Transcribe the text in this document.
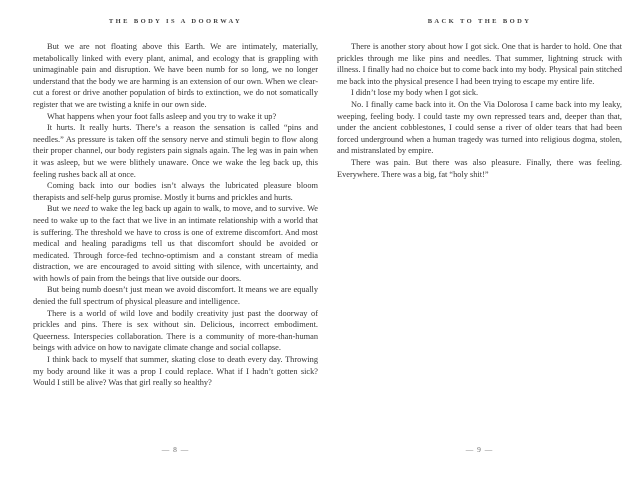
THE BODY IS A DOORWAY

But we are not floating above this Earth. We are intimately, materially, metabolically linked with every plant, animal, and ecology that is grappling with unimaginable pain and disruption. We have been numb for so long, we no longer understand that the body we are harming is an extension of our own. When we clear-cut a forest or drive another population of birds to extinction, we do not somatically register that we are twisting a knife in our own side.

What happens when your foot falls asleep and you try to wake it up?

It hurts. It really hurts. There’s a reason the sensation is called “pins and needles.” As pressure is taken off the sensory nerve and stimuli begin to flow along their proper channel, our body registers pain signals again. The leg was in pain when it was asleep, but we were blithely unaware. Once we wake the leg back up, this feeling rushes back all at once.

Coming back into our bodies isn’t always the lubricated pleasure bloom therapists and self-help gurus promise. Mostly it burns and prickles and hurts.

But we need to wake the leg back up again to walk, to move, and to survive. We need to wake up to the fact that we live in an intimate relationship with a world that is suffering. The threshold we have to cross is one of extreme discomfort. And most medical and healing paradigms tell us that discomfort should be avoided or medicated. Through force-fed techno-optimism and a constant stream of media distraction, we are encouraged to avoid sitting with silence, with uncertainty, and with howls of pain from the beings that live outside our doors.

But being numb doesn’t just mean we avoid discomfort. It means we are equally denied the full spectrum of physical pleasure and intelligence.

There is a world of wild love and bodily creativity just past the doorway of prickles and pins. There is sex without sin. Delicious, incorrect embodiment. Queerness. Interspecies collaboration. There is a community of more-than-human beings with advice on how to navigate climate change and social collapse.

I think back to myself that summer, skating close to death every day. Throwing my body around like it was a prop I could replace. What if I hadn’t gotten sick? Would I still be alive? Was that girl really so healthy?

— 8 —
BACK TO THE BODY

There is another story about how I got sick. One that is harder to hold. One that prickles through me like pins and needles. That summer, lightning struck with illness. I finally had no choice but to come back into my body. Physical pain stitched me back into the physical presence I had been trying to escape my entire life.

I didn’t lose my body when I got sick.

No. I finally came back into it. On the Via Dolorosa I came back into my leaky, weeping, feeling body. I could taste my own repressed tears and, deeper than that, under the ancient cobblestones, I could sense a river of older tears that had been forced underground when a human tragedy was turned into religious dogma, stolen, and mistranslated by empire.

There was pain. But there was also pleasure. Finally, there was feeling. Everywhere. There was a big, fat “holy shit!”

— 9 —
